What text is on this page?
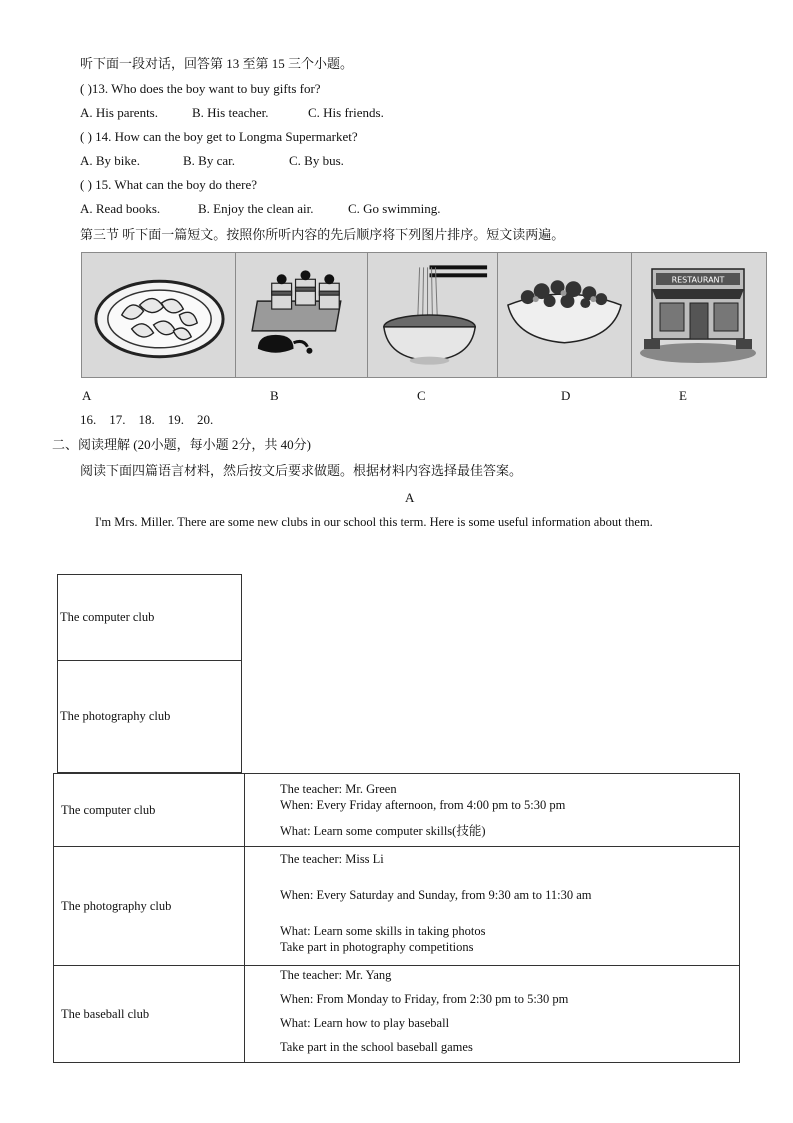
听下面一段对话，回答第 13 至第 15 三个小题。
( )13. Who does the boy want to buy gifts for?
A. His parents.	B. His teacher.	C. His friends.
( ) 14. How can the boy get to Longma Supermarket?
A. By bike.	B. By car.	C. By bus.
( ) 15. What can the boy do there?
A. Read books.	B. Enjoy the clean air.	C. Go swimming.
第三节 听下面一篇短文。按照你所听内容的先后顺序将下列图片排序。短文读两遍。
RESTAURANT
A	B	C	D	E
16.    17.    18.    19.    20.
二、阅读理解 (20小题，每小题 2分，共 40分)
阅读下面四篇语言材料，然后按文后要求做题。根据材料内容选择最佳答案。
A
I'm Mrs. Miller. There are some new clubs in our school this term. Here is some useful information about them.
The computer club
The photography club
The computer club	The teacher: Mr. Green
When: Every Friday afternoon, from 4:00 pm to 5:30 pm
What: Learn some computer skills(技能)

The photography club	The teacher: Miss Li
When: Every Saturday and Sunday, from 9:30 am to 11:30 am
What: Learn some skills in taking photos
Take part in photography competitions

The baseball club	The teacher: Mr. Yang
When: From Monday to Friday, from 2:30 pm to 5:30 pm
What: Learn how to play baseball
Take part in the school baseball games
